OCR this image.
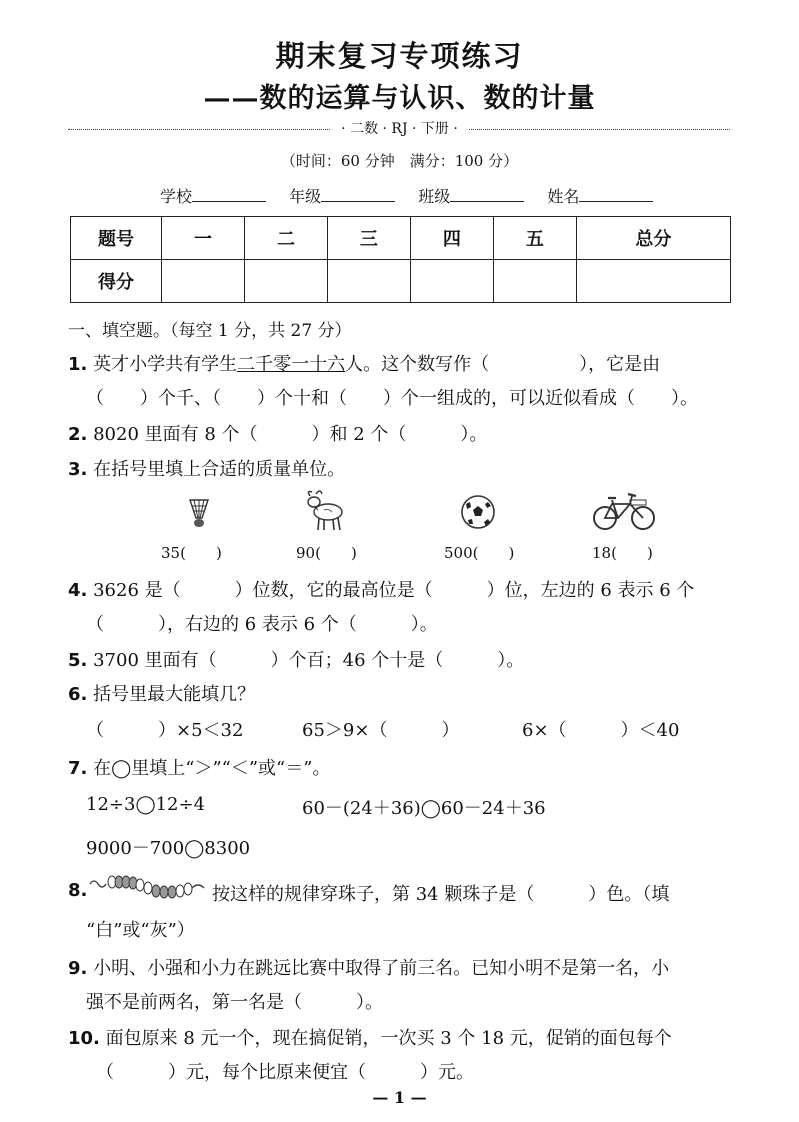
期末复习专项练习
——数的运算与认识、数的计量
· 二数 · RJ · 下册 ·
（时间：60 分钟　满分：100 分）
学校	年级	班级	姓名
题号	一	二	三	四	五	总分
得分						
一、填空题。（每空 1 分，共 27 分）
1. 英才小学共有学生二千零一十六人。这个数写作（　　　　　），它是由
（　　）个千、（　　）个十和（　　）个一组成的，可以近似看成（　　）。
2. 8020 里面有 8 个（　　　）和 2 个（　　　）。
3. 在括号里填上合适的质量单位。
35(　　)	90(　　)	500(　　)	18(　　)
4. 3626 是（　　　）位数，它的最高位是（　　　）位，左边的 6 表示 6 个
（　　　），右边的 6 表示 6 个（　　　）。
5. 3700 里面有（　　　）个百；46 个十是（　　　）。
6. 括号里最大能填几？
（　　　）×5＜32	65＞9×（　　　）	6×（　　　）＜40
7. 在◯里填上“＞”“＜”或“＝”。
12÷3◯12÷4	60－(24＋36)◯60－24＋36
9000－700◯8300
8.	按这样的规律穿珠子，第 34 颗珠子是（　　　）色。（填
“白”或“灰”）
9. 小明、小强和小力在跳远比赛中取得了前三名。已知小明不是第一名，小
强不是前两名，第一名是（　　　）。
10. 面包原来 8 元一个，现在搞促销，一次买 3 个 18 元，促销的面包每个
（　　　）元，每个比原来便宜（　　　）元。
— 1 —
